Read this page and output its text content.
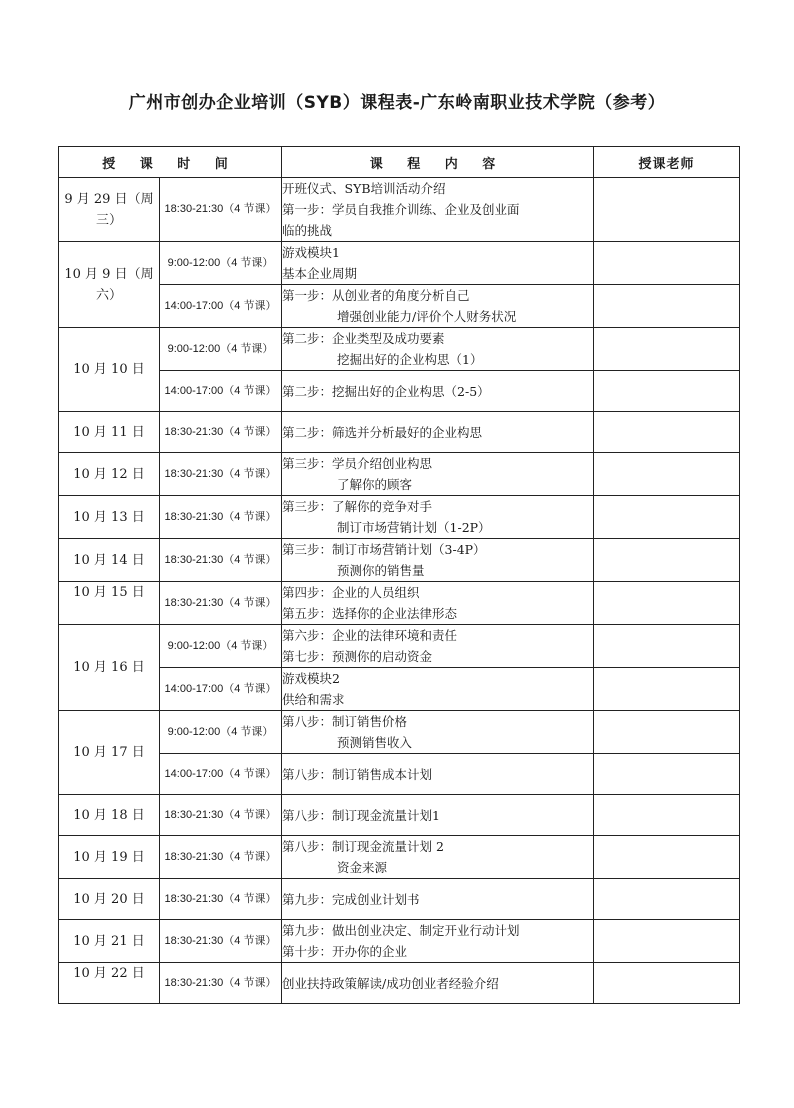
广州市创办企业培训（SYB）课程表-广东岭南职业技术学院（参考）
授 课 时 间		课 程 内 容	授课老师
9 月 29 日（周三）	18:30-21:30（4 节课）	开班仪式、SYB培训活动介绍
第一步：学员自我推介训练、企业及创业面
临的挑战	

10 月 9 日（周六）	9:00-12:00（4 节课）	游戏模块1
基本企业周期	

	14:00-17:00（4 节课）	第一步：从创业者的角度分析自己
增强创业能力/评价个人财务状况	

10 月 10 日	9:00-12:00（4 节课）	第二步：企业类型及成功要素
挖掘出好的企业构思（1）	

	14:00-17:00（4 节课）	第二步：挖掘出好的企业构思（2-5）	
10 月 11 日	18:30-21:30（4 节课）	第二步：筛选并分析最好的企业构思	
10 月 12 日	18:30-21:30（4 节课）	第三步：学员介绍创业构思
了解你的顾客	

10 月 13 日	18:30-21:30（4 节课）	第三步：了解你的竞争对手
制订市场营销计划（1-2P）	

10 月 14 日	18:30-21:30（4 节课）	第三步：制订市场营销计划（3-4P）
预测你的销售量	

10 月 15 日	18:30-21:30（4 节课）	第四步：企业的人员组织
第五步：选择你的企业法律形态	

10 月 16 日	9:00-12:00（4 节课）	第六步：企业的法律环境和责任
第七步：预测你的启动资金	

	14:00-17:00（4 节课）	游戏模块2
供给和需求	

10 月 17 日	9:00-12:00（4 节课）	第八步：制订销售价格
预测销售收入	

	14:00-17:00（4 节课）	第八步：制订销售成本计划	
10 月 18 日	18:30-21:30（4 节课）	第八步：制订现金流量计划1	
10 月 19 日	18:30-21:30（4 节课）	第八步：制订现金流量计划 2
资金来源	

10 月 20 日	18:30-21:30（4 节课）	第九步：完成创业计划书	
10 月 21 日	18:30-21:30（4 节课）	第九步：做出创业决定、制定开业行动计划
第十步：开办你的企业	

10 月 22 日	18:30-21:30（4 节课）	创业扶持政策解读/成功创业者经验介绍	
